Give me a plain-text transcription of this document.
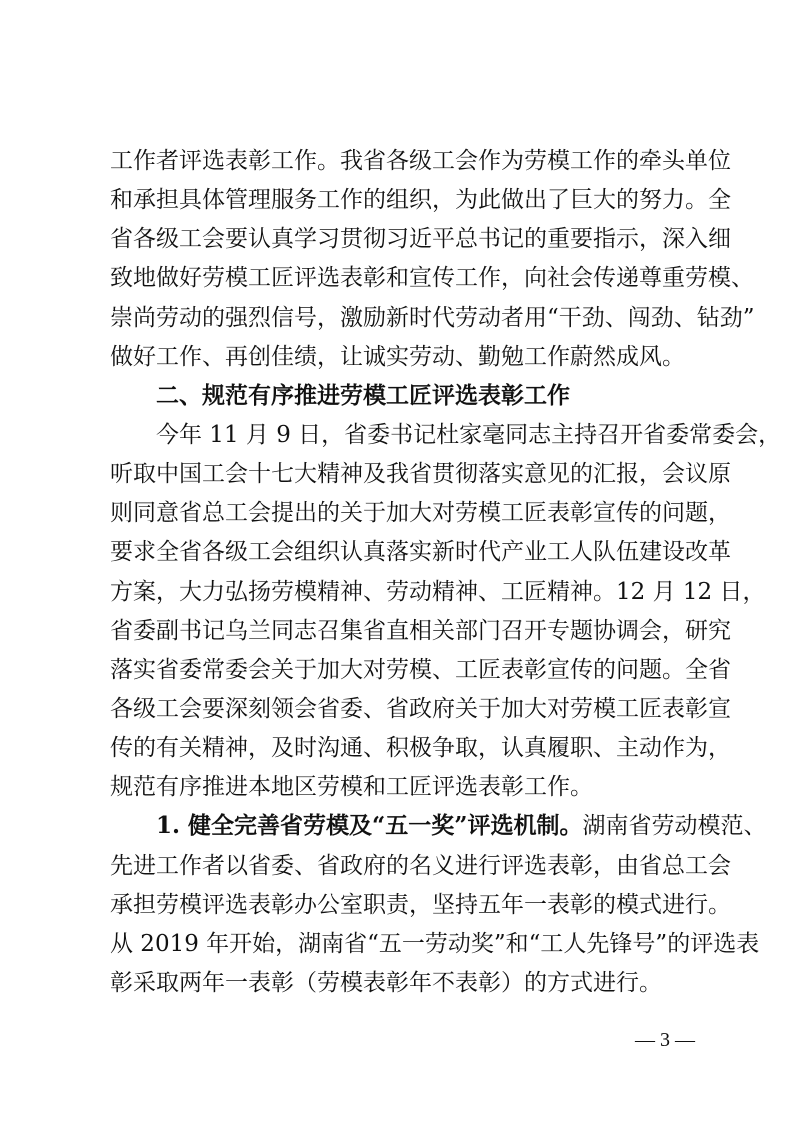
工作者评选表彰工作。我省各级工会作为劳模工作的牵头单位
和承担具体管理服务工作的组织，为此做出了巨大的努力。全
省各级工会要认真学习贯彻习近平总书记的重要指示，深入细
致地做好劳模工匠评选表彰和宣传工作，向社会传递尊重劳模、
崇尚劳动的强烈信号，激励新时代劳动者用“干劲、闯劲、钻劲”
做好工作、再创佳绩，让诚实劳动、勤勉工作蔚然成风。
二、规范有序推进劳模工匠评选表彰工作
今年 11 月 9 日，省委书记杜家毫同志主持召开省委常委会，
听取中国工会十七大精神及我省贯彻落实意见的汇报，会议原
则同意省总工会提出的关于加大对劳模工匠表彰宣传的问题，
要求全省各级工会组织认真落实新时代产业工人队伍建设改革
方案，大力弘扬劳模精神、劳动精神、工匠精神。12 月 12 日，
省委副书记乌兰同志召集省直相关部门召开专题协调会，研究
落实省委常委会关于加大对劳模、工匠表彰宣传的问题。全省
各级工会要深刻领会省委、省政府关于加大对劳模工匠表彰宣
传的有关精神，及时沟通、积极争取，认真履职、主动作为，
规范有序推进本地区劳模和工匠评选表彰工作。
1. 健全完善省劳模及“五一奖”评选机制。湖南省劳动模范、
先进工作者以省委、省政府的名义进行评选表彰，由省总工会
承担劳模评选表彰办公室职责，坚持五年一表彰的模式进行。
从 2019 年开始，湖南省“五一劳动奖”和“工人先锋号”的评选表
彰采取两年一表彰（劳模表彰年不表彰）的方式进行。
— 3 —
